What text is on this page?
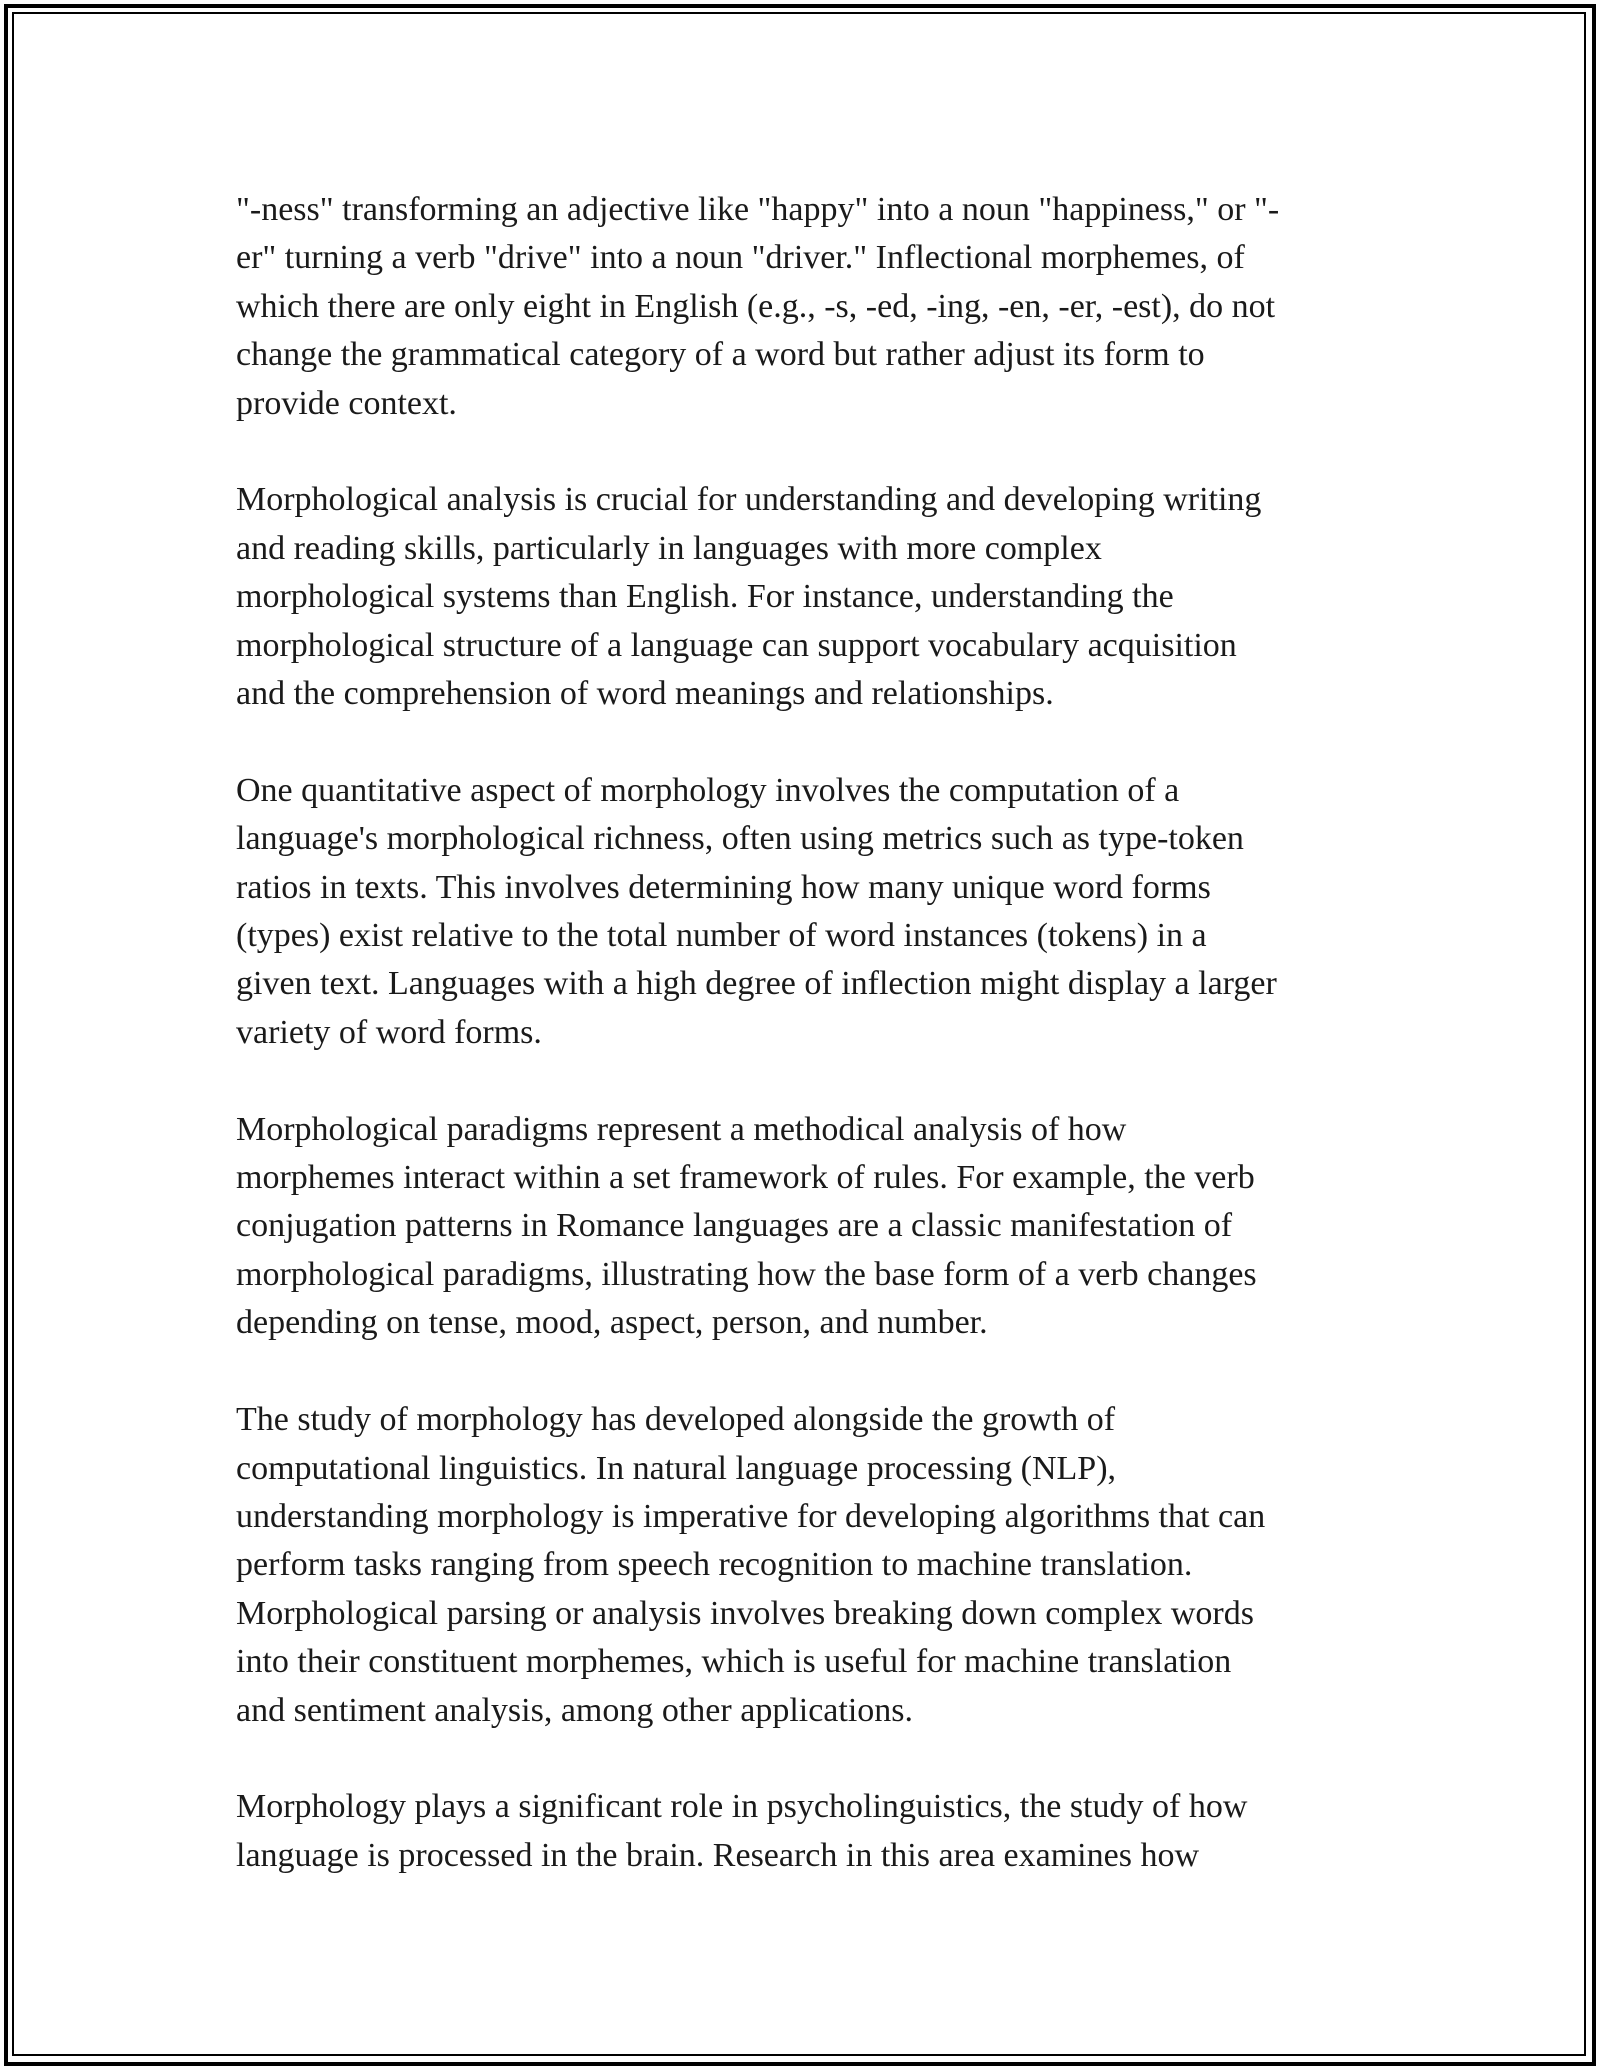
"-ness" transforming an adjective like "happy" into a noun "happiness," or "-
er" turning a verb "drive" into a noun "driver." Inflectional morphemes, of
which there are only eight in English (e.g., -s, -ed, -ing, -en, -er, -est), do not
change the grammatical category of a word but rather adjust its form to
provide context.

Morphological analysis is crucial for understanding and developing writing
and reading skills, particularly in languages with more complex
morphological systems than English. For instance, understanding the
morphological structure of a language can support vocabulary acquisition
and the comprehension of word meanings and relationships.

One quantitative aspect of morphology involves the computation of a
language's morphological richness, often using metrics such as type-token
ratios in texts. This involves determining how many unique word forms
(types) exist relative to the total number of word instances (tokens) in a
given text. Languages with a high degree of inflection might display a larger
variety of word forms.

Morphological paradigms represent a methodical analysis of how
morphemes interact within a set framework of rules. For example, the verb
conjugation patterns in Romance languages are a classic manifestation of
morphological paradigms, illustrating how the base form of a verb changes
depending on tense, mood, aspect, person, and number.

The study of morphology has developed alongside the growth of
computational linguistics. In natural language processing (NLP),
understanding morphology is imperative for developing algorithms that can
perform tasks ranging from speech recognition to machine translation.
Morphological parsing or analysis involves breaking down complex words
into their constituent morphemes, which is useful for machine translation
and sentiment analysis, among other applications.

Morphology plays a significant role in psycholinguistics, the study of how
language is processed in the brain. Research in this area examines how
